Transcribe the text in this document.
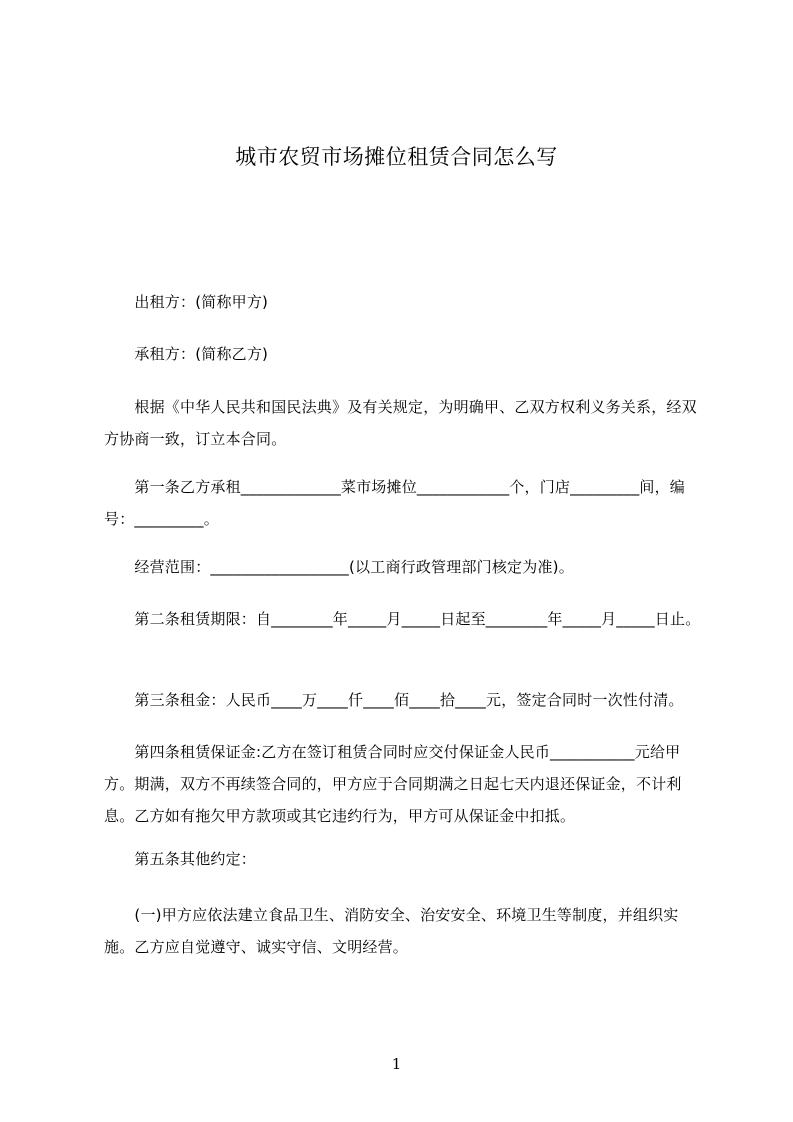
城市农贸市场摊位租赁合同怎么写
　　出租方：(简称甲方)
　　承租方：(简称乙方)
　　根据《中华人民共和国民法典》及有关规定，为明确甲、乙双方权利义务关系，经双方协商一致，订立本合同。
　　第一条乙方承租_____________菜市场摊位____________个，门店_________间，编号：_________。
　　经营范围：__________________(以工商行政管理部门核定为准)。
　　第二条租赁期限：自________年_____月_____日起至________年_____月_____日止。
　　第三条租金：人民币____万____仟____佰____拾____元，签定合同时一次性付清。
　　第四条租赁保证金:乙方在签订租赁合同时应交付保证金人民币___________元给甲方。期满，双方不再续签合同的，甲方应于合同期满之日起七天内退还保证金，不计利息。乙方如有拖欠甲方款项或其它违约行为，甲方可从保证金中扣抵。
　　第五条其他约定：
　　(一)甲方应依法建立食品卫生、消防安全、治安安全、环境卫生等制度，并组织实施。乙方应自觉遵守、诚实守信、文明经营。
1
